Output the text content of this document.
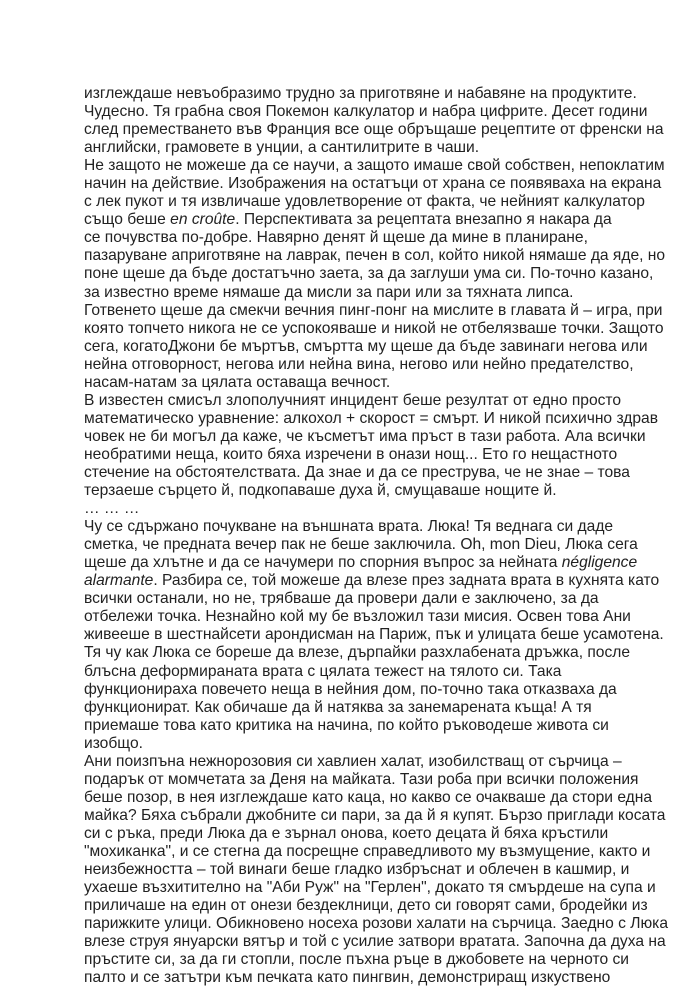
изглеждаше невъобразимо трудно за приготвяне и набавяне на продуктите.
Чудесно. Тя грабна своя Покемон калкулатор и набра цифрите. Десет години
след преместването във Франция все още обръщаше рецептите от френски на
английски, грамовете в унции, а сантилитрите в чаши.
Не защото не можеше да се научи, а защото имаше свой собствен, непоклатим
начин на действие. Изображения на остатъци от храна се появяваха на екрана
с лек пукот и тя извличаше удовлетворение от факта, че нейният калкулатор
също беше en croûte. Перспективата за рецептата внезапно я накара да
се почувства по-добре. Навярно денят й щеше да мине в планиране,
пазаруване априготвяне на лаврак, печен в сол, който никой нямаше да яде, но
поне щеше да бъде достатъчно заета, за да заглуши ума си. По-точно казано,
за известно време нямаше да мисли за пари или за тяхната липса.
Готвенето щеше да смекчи вечния пинг-понг на мислите в главата й – игра, при
която топчето никога не се успокояваше и никой не отбелязваше точки. Защото
сега, когатоДжони бе мъртъв, смъртта му щеше да бъде завинаги негова или
нейна отговорност, негова или нейна вина, негово или нейно предателство,
насам-натам за цялата оставаща вечност.
В известен смисъл злополучният инцидент беше резултат от едно просто
математическо уравнение: алкохол + скорост = смърт. И никой психично здрав
човек не би могъл да каже, че късметът има пръст в тази работа. Ала всички
необратими неща, които бяха изречени в онази нощ... Ето го нещастното
стечение на обстоятелствата. Да знае и да се преструва, че не знае – това
терзаеше сърцето й, подкопаваше духа й, смущаваше нощите й.
… … …
Чу се сдържано почукване на външната врата. Люка! Тя веднага си даде
сметка, че предната вечер пак не беше заключила. Oh, mon Dieu, Люка сега
щеше да хлътне и да се начумери по спорния въпрос за нейната négligence
alarmante. Разбира се, той можеше да влезе през задната врата в кухнята като
всички останали, но не, трябваше да провери дали е заключено, за да
отбележи точка. Незнайно кой му бе възложил тази мисия. Освен това Ани
живееше в шестнайсети арондисман на Париж, пък и улицата беше усамотена.
Тя чу как Люка се бореше да влезе, дърпайки разхлабената дръжка, после
блъсна деформираната врата с цялата тежест на тялото си. Така
функционираха повечето неща в нейния дом, по-точно така отказваха да
функционират. Как обичаше да й натяква за занемарената къща! А тя
приемаше това като критика на начина, по който ръководеше живота си
изобщо.
Ани поизпъна нежнорозовия си хавлиен халат, изобилстващ от сърчица –
подарък от момчетата за Деня на майката. Тази роба при всички положения
беше позор, в нея изглеждаше като каца, но какво се очакваше да стори една
майка? Бяха събрали джобните си пари, за да й я купят. Бързо приглади косата
си с ръка, преди Люка да е зърнал онова, което децата й бяха кръстили
"мохиканка", и се стегна да посрещне справедливото му възмущение, както и
неизбежността – той винаги беше гладко избръснат и облечен в кашмир, и
ухаеше възхитително на "Аби Руж" на "Герлен", докато тя смърдеше на супа и
приличаше на един от онези бездеклници, дето си говорят сами, бродейки из
парижките улици. Обикновено носеха розови халати на сърчица. Заедно с Люка
влезе струя януарски вятър и той с усилие затвори вратата. Започна да духа на
пръстите си, за да ги стопли, после пъхна ръце в джобовете на черното си
палто и се затътри към печката като пингвин, демонстриращ изкуствено
